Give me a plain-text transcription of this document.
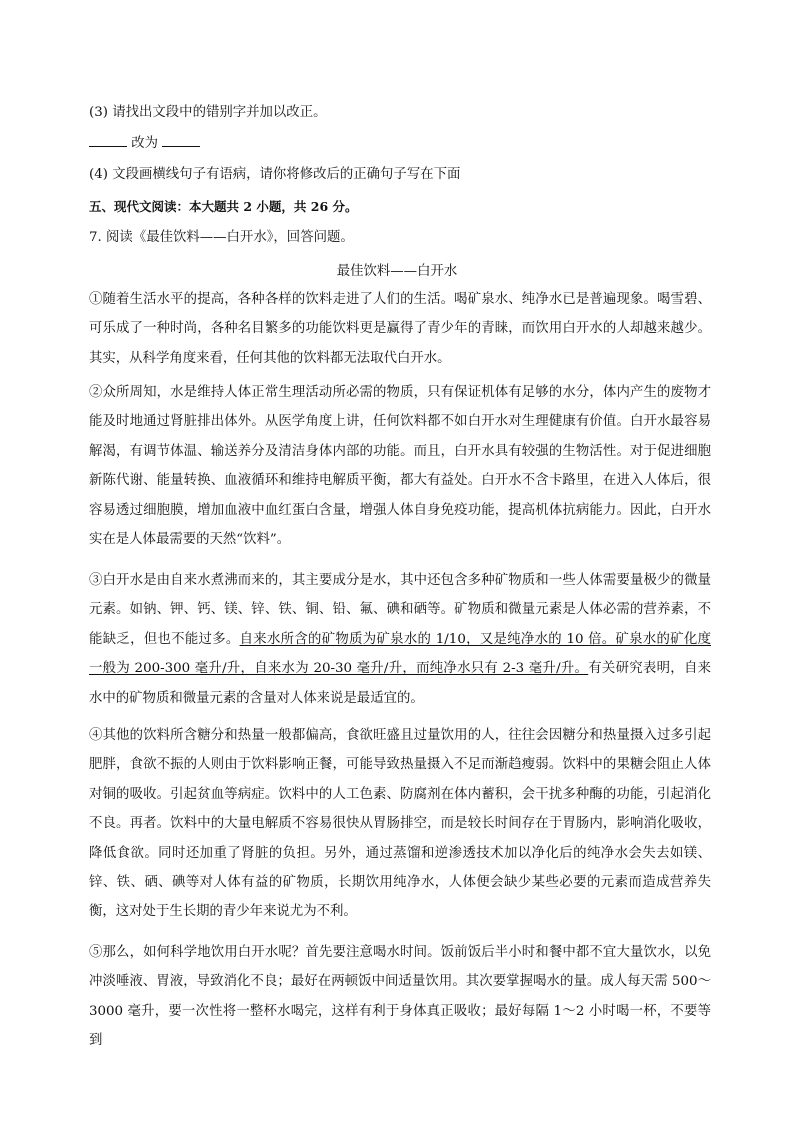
(3) 请找出文段中的错别字并加以改正。
改为
(4) 文段画横线句子有语病，请你将修改后的正确句子写在下面
五、现代文阅读：本大题共 2 小题，共 26 分。
7. 阅读《最佳饮料——白开水》，回答问题。
最佳饮料——白开水
①随着生活水平的提高，各种各样的饮料走进了人们的生活。喝矿泉水、纯净水已是普遍现象。喝雪碧、可乐成了一种时尚，各种名目繁多的功能饮料更是赢得了青少年的青睐，而饮用白开水的人却越来越少。其实，从科学角度来看，任何其他的饮料都无法取代白开水。
②众所周知，水是维持人体正常生理活动所必需的物质，只有保证机体有足够的水分，体内产生的废物才能及时地通过肾脏排出体外。从医学角度上讲，任何饮料都不如白开水对生理健康有价值。白开水最容易解渴，有调节体温、输送养分及清洁身体内部的功能。而且，白开水具有较强的生物活性。对于促进细胞新陈代谢、能量转换、血液循环和维持电解质平衡，都大有益处。白开水不含卡路里，在进入人体后，很容易透过细胞膜，增加血液中血红蛋白含量，增强人体自身免疫功能，提高机体抗病能力。因此，白开水实在是人体最需要的天然“饮料”。
③白开水是由自来水煮沸而来的，其主要成分是水，其中还包含多种矿物质和一些人体需要量极少的微量元素。如钠、钾、钙、镁、锌、铁、铜、铅、氟、碘和硒等。矿物质和微量元素是人体必需的营养素，不能缺乏，但也不能过多。自来水所含的矿物质为矿泉水的 1/10，又是纯净水的 10 倍。矿泉水的矿化度一般为 200-300 毫升/升，自来水为 20-30 毫升/升，而纯净水只有 2-3 毫升/升。有关研究表明，自来水中的矿物质和微量元素的含量对人体来说是最适宜的。
④其他的饮料所含糖分和热量一般都偏高，食欲旺盛且过量饮用的人，往往会因糖分和热量摄入过多引起肥胖，食欲不振的人则由于饮料影响正餐，可能导致热量摄入不足而渐趋瘦弱。饮料中的果糖会阻止人体对铜的吸收。引起贫血等病症。饮料中的人工色素、防腐剂在体内蓄积，会干扰多种酶的功能，引起消化不良。再者。饮料中的大量电解质不容易很快从胃肠排空，而是较长时间存在于胃肠内，影响消化吸收，降低食欲。同时还加重了肾脏的负担。另外，通过蒸馏和逆渗透技术加以净化后的纯净水会失去如镁、锌、铁、硒、碘等对人体有益的矿物质，长期饮用纯净水，人体便会缺少某些必要的元素而造成营养失衡，这对处于生长期的青少年来说尤为不利。
⑤那么，如何科学地饮用白开水呢？首先要注意喝水时间。饭前饭后半小时和餐中都不宜大量饮水，以免冲淡唾液、胃液，导致消化不良；最好在两顿饭中间适量饮用。其次要掌握喝水的量。成人每天需 500～3000 毫升，要一次性将一整杯水喝完，这样有利于身体真正吸收；最好每隔 1～2 小时喝一杯，不要等到
